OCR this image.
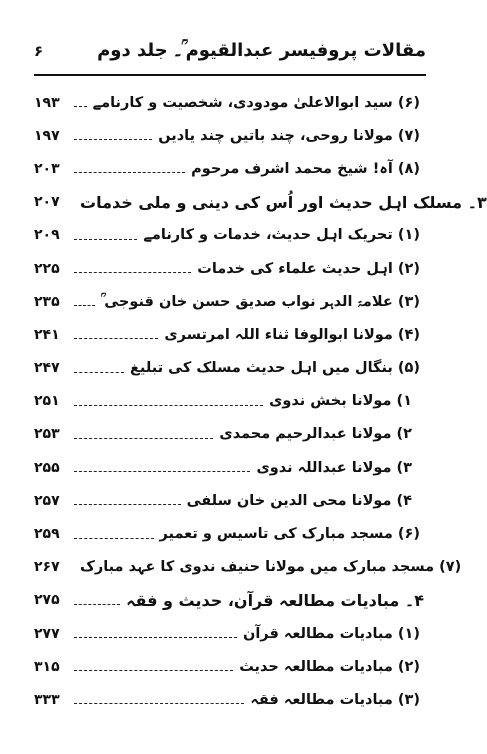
مقالات پروفیسر عبدالقیوم ؒ۔ جلد دوم
۶
۱۹۳	(۶) سید ابوالاعلیٰ مودودی، شخصیت و کارنامے
۱۹۷	(۷) مولانا روحی، چند باتیں چند یادیں
۲۰۳	(۸) آہ! شیخ محمد اشرف مرحوم
۲۰۷	۳۔ مسلک اہل حدیث اور اُس کی دینی و ملی خدمات
۲۰۹	(۱) تحریک اہل حدیث، خدمات و کارنامے
۲۲۵	(۲) اہل حدیث علماء کی خدمات
۲۳۵	(۳) علامۃ الدہر نواب صدیق حسن خان قنوجی ؒ
۲۴۱	(۴) مولانا ابوالوفا ثناء اللہ امرتسری
۲۴۷	(۵) بنگال میں اہل حدیث مسلک کی تبلیغ
۲۵۱	۱) مولانا بخش ندوی
۲۵۳	۲) مولانا عبدالرحیم محمدی
۲۵۵	۳) مولانا عبداللہ ندوی
۲۵۷	۴) مولانا محی الدین خان سلفی
۲۵۹	(۶) مسجد مبارک کی تاسیس و تعمیر
۲۶۷	(۷) مسجد مبارک میں مولانا حنیف ندوی کا عہد مبارک
۲۷۵	۴۔ مبادیات مطالعہ قرآن، حدیث و فقہ
۲۷۷	(۱) مبادیات مطالعہ قرآن
۳۱۵	(۲) مبادیات مطالعہ حدیث
۳۳۳	(۳) مبادیات مطالعہ فقہ
